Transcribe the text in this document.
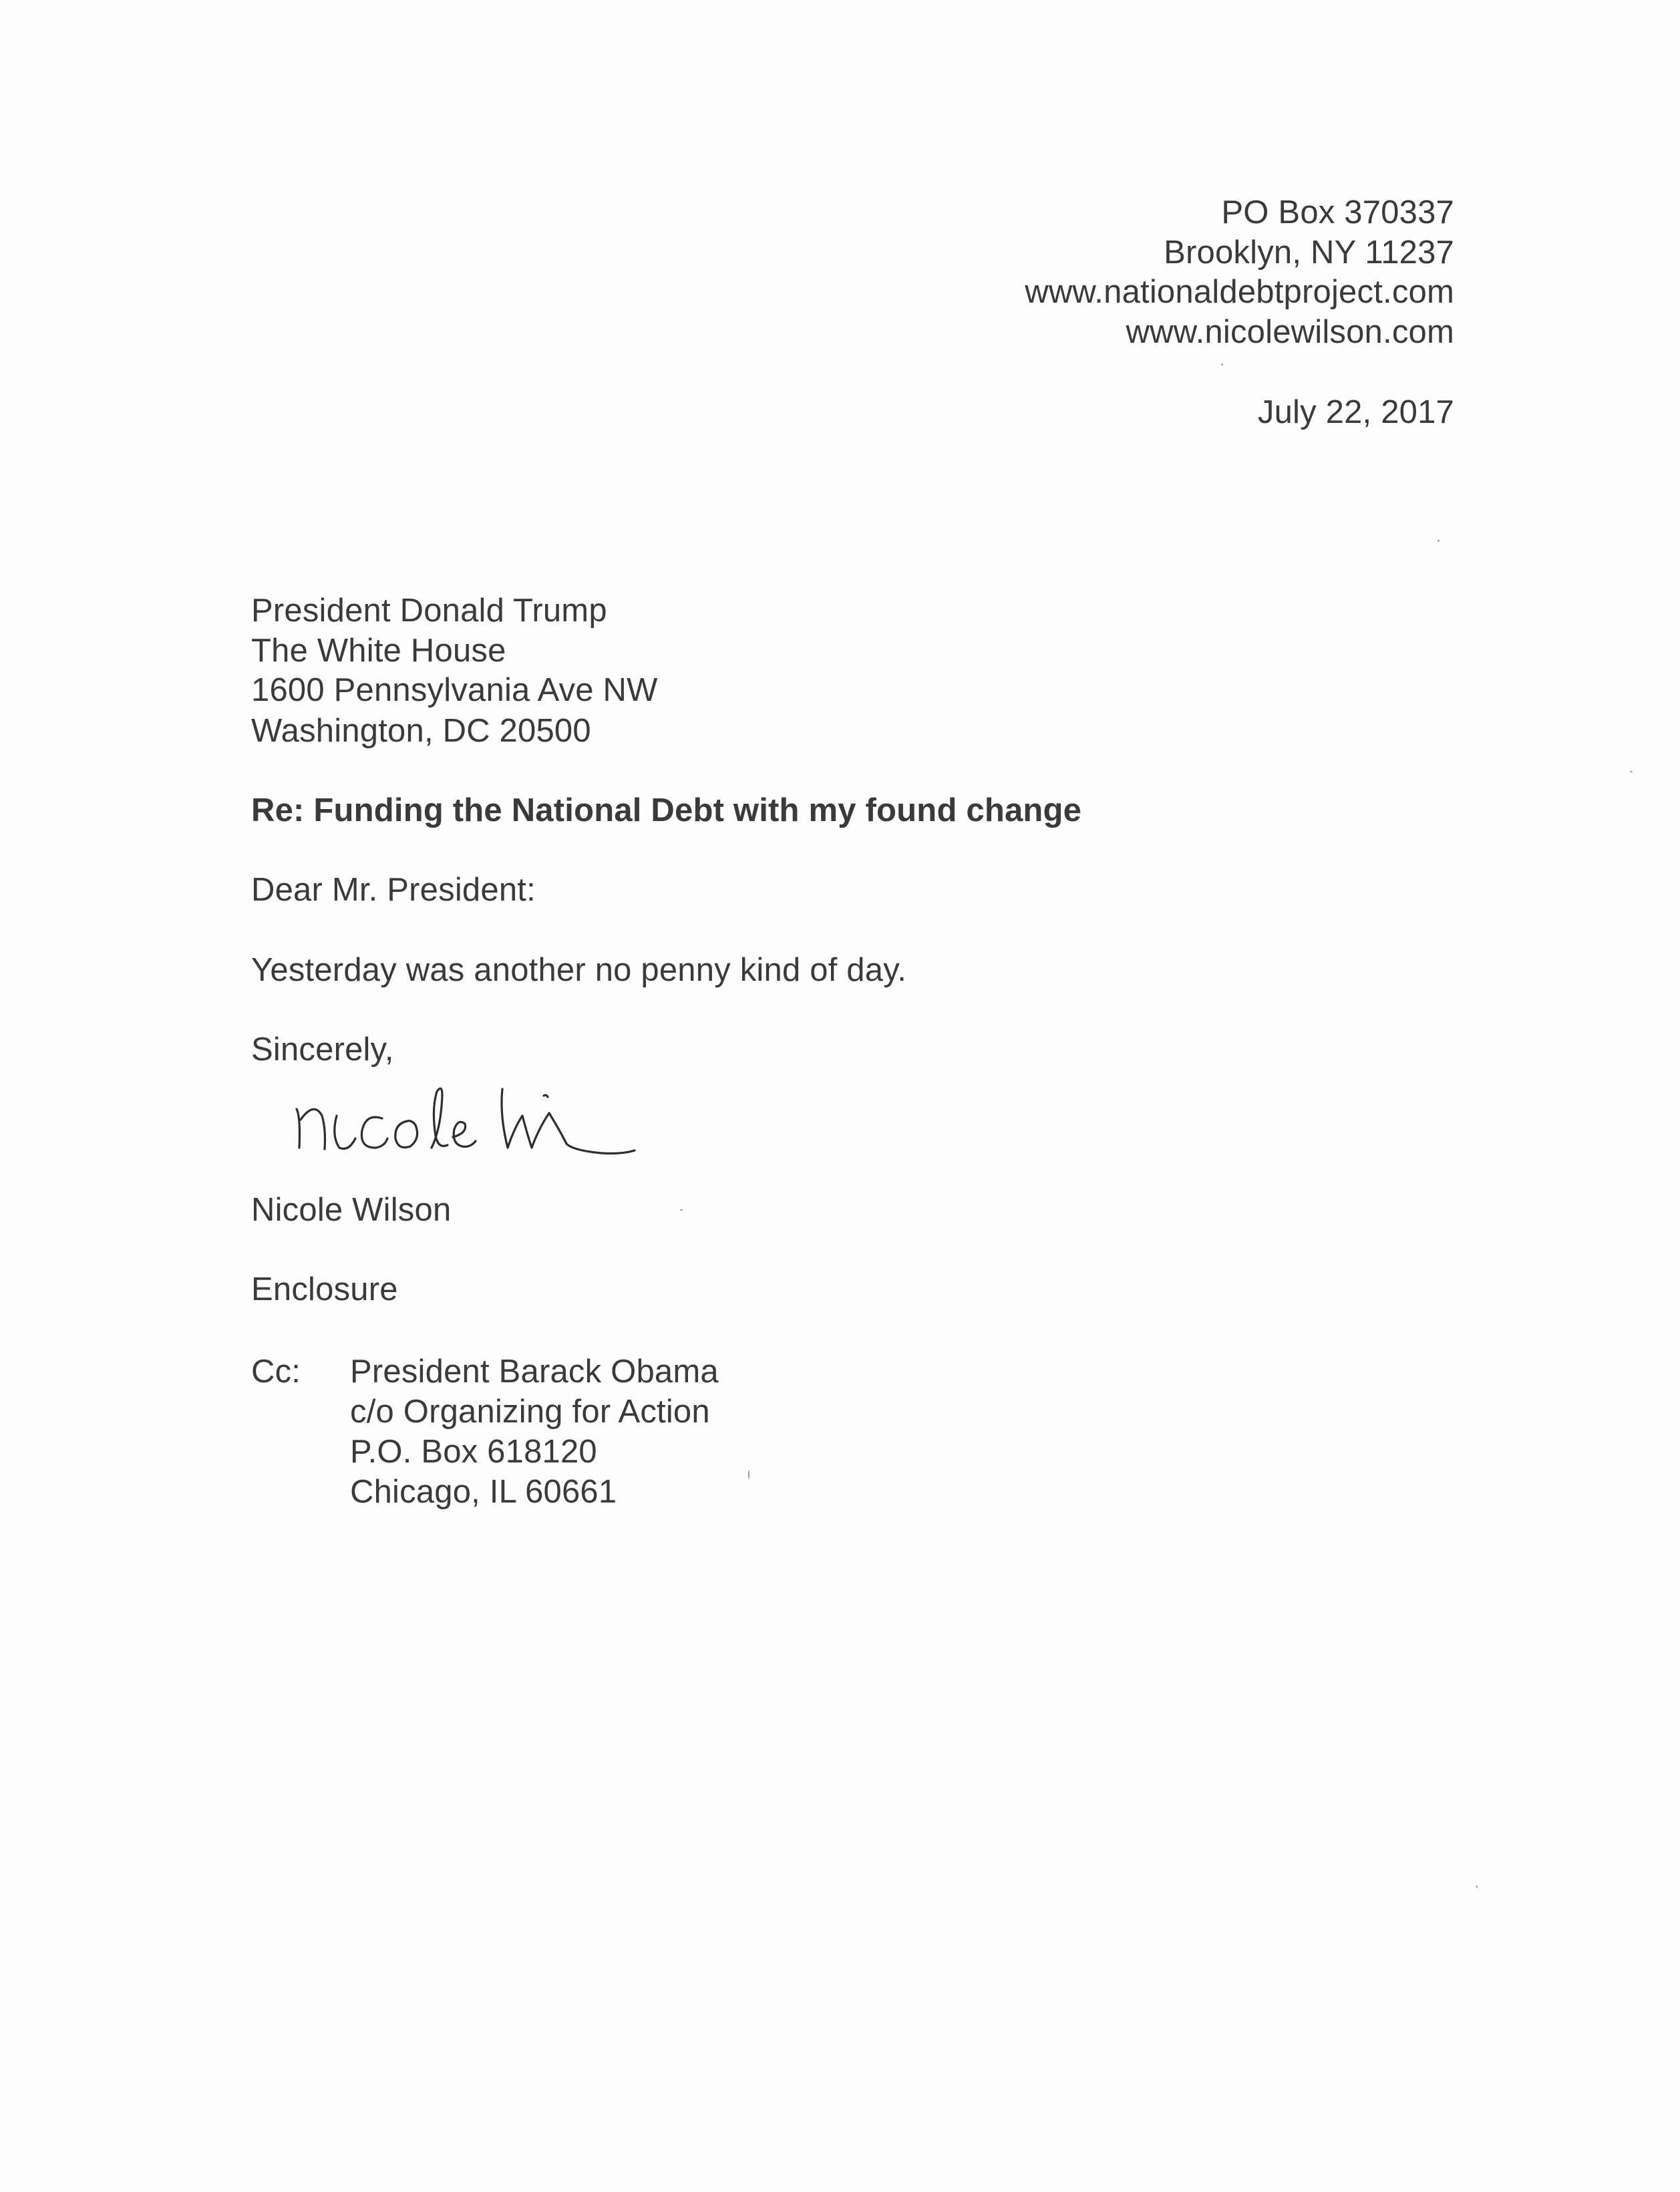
PO Box 370337
Brooklyn, NY 11237
www.nationaldebtproject.com
www.nicolewilson.com
July 22, 2017
President Donald Trump
The White House
1600 Pennsylvania Ave NW
Washington, DC 20500
Re: Funding the National Debt with my found change
Dear Mr. President:
Yesterday was another no penny kind of day.
Sincerely,
Nicole Wilson
Enclosure
Cc: President Barack Obama
c/o Organizing for Action
P.O. Box 618120
Chicago, IL 60661
